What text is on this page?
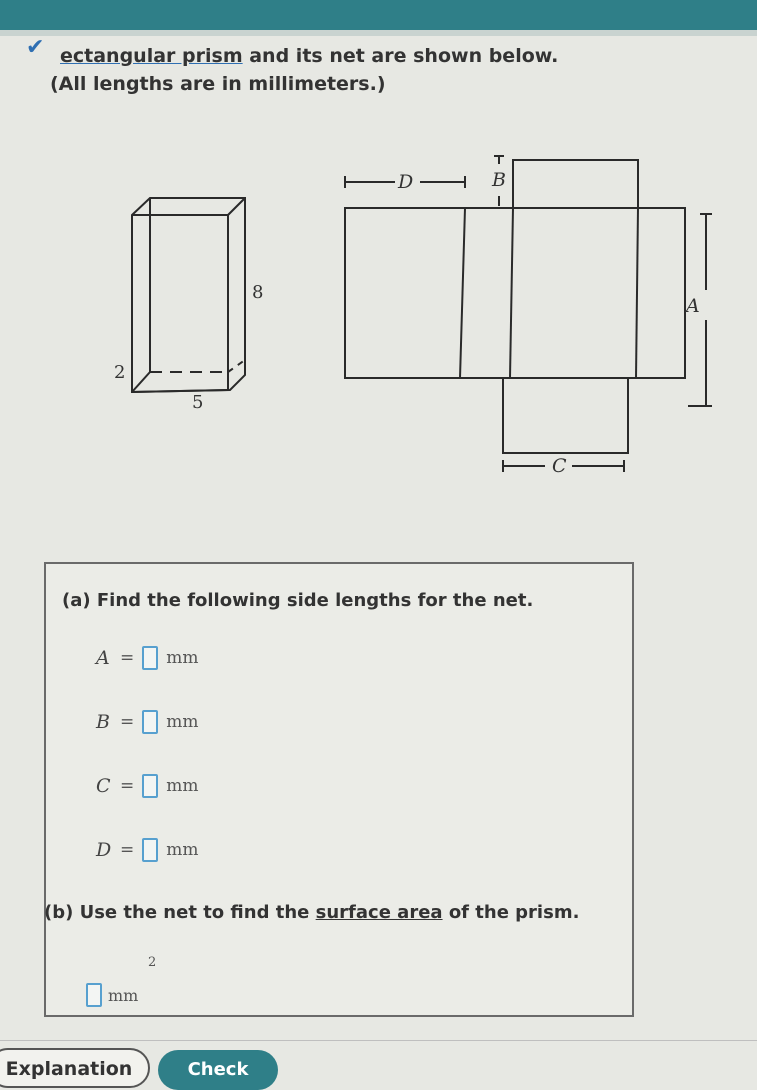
✔ ectangular prism and its net are shown below.
(All lengths are in millimeters.)
8
2
5
D	B
A
C
(a) Find the following side lengths for the net.
A = mm
B = mm
C = mm
D = mm
(b) Use the net to find the surface area of the prism.
mm
2
Explanation	Check
